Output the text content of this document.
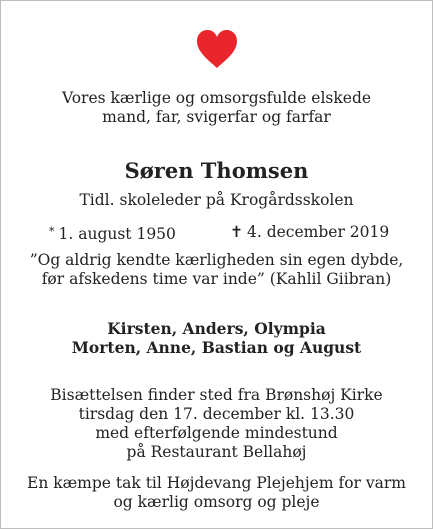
Vores kærlige og omsorgsfulde elskede
mand, far, svigerfar og farfar
Søren Thomsen
Tidl. skoleleder på Krogårdsskolen
* 1. august 1950	✝ 4. december 2019
”Og aldrig kendte kærligheden sin egen dybde,
før afskedens time var inde” (Kahlil Giibran)
Kirsten, Anders, Olympia
Morten, Anne, Bastian og August
Bisættelsen finder sted fra Brønshøj Kirke
tirsdag den 17. december kl. 13.30
med efterfølgende mindestund
på Restaurant Bellahøj
En kæmpe tak til Højdevang Plejehjem for varm
og kærlig omsorg og pleje
